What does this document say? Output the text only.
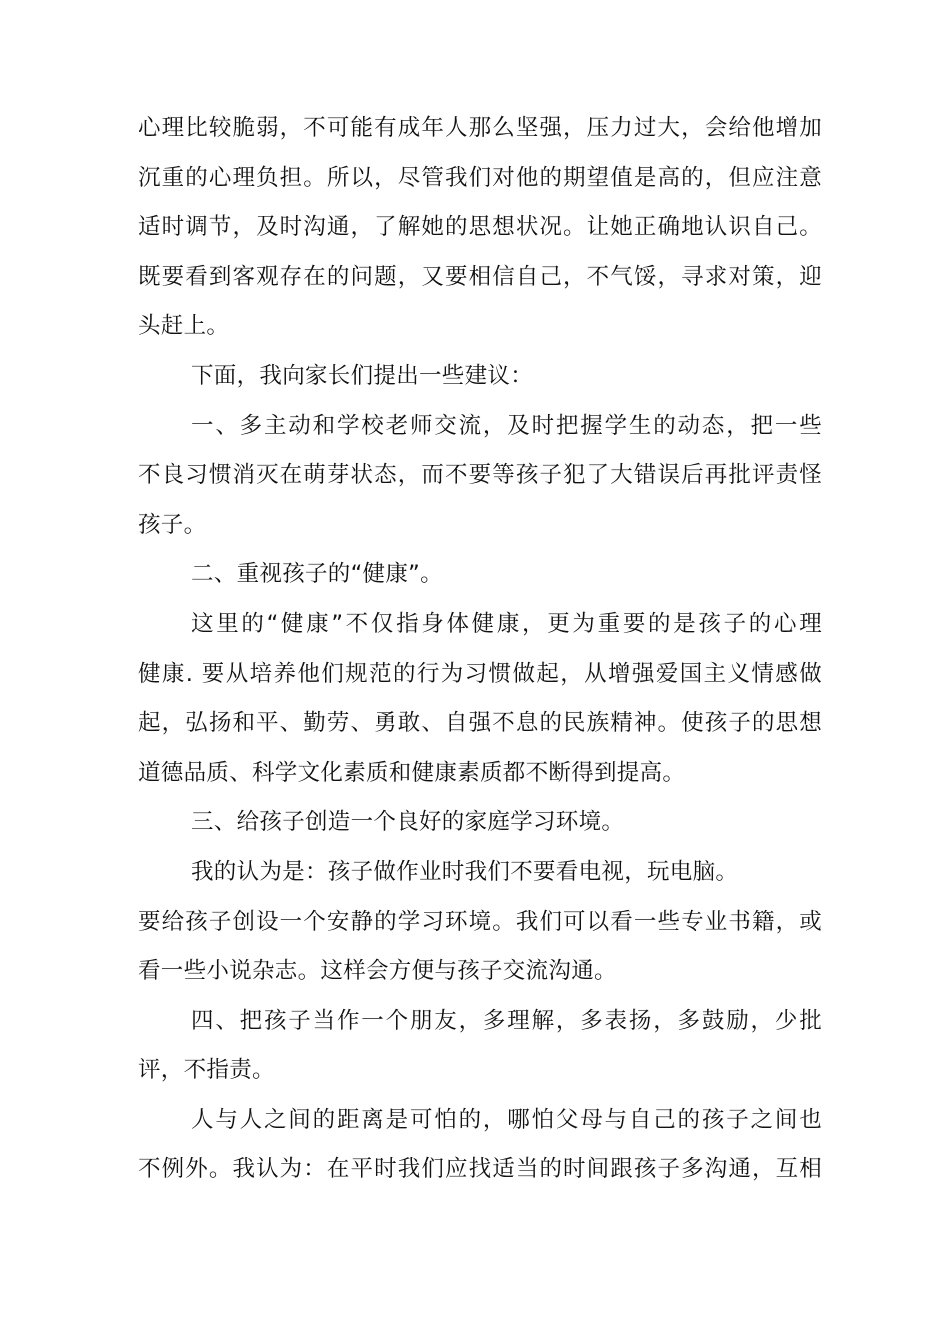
心理比较脆弱，不可能有成年人那么坚强，压力过大，会给他增加
沉重的心理负担。所以，尽管我们对他的期望值是高的，但应注意
适时调节，及时沟通，了解她的思想状况。让她正确地认识自己。
既要看到客观存在的问题，又要相信自己，不气馁，寻求对策，迎
头赶上。
下面，我向家长们提出一些建议：
一、多主动和学校老师交流，及时把握学生的动态，把一些
不良习惯消灭在萌芽状态，而不要等孩子犯了大错误后再批评责怪
孩子。
二、重视孩子的“健康”。
这里的“健康”不仅指身体健康，更为重要的是孩子的心理
健康. 要从培养他们规范的行为习惯做起，从增强爱国主义情感做
起，弘扬和平、勤劳、勇敢、自强不息的民族精神。使孩子的思想
道德品质、科学文化素质和健康素质都不断得到提高。
三、给孩子创造一个良好的家庭学习环境。
我的认为是：孩子做作业时我们不要看电视，玩电脑。
要给孩子创设一个安静的学习环境。我们可以看一些专业书籍，或
看一些小说杂志。这样会方便与孩子交流沟通。
四、把孩子当作一个朋友，多理解，多表扬，多鼓励，少批
评，不指责。
人与人之间的距离是可怕的，哪怕父母与自己的孩子之间也
不例外。我认为：在平时我们应找适当的时间跟孩子多沟通，互相
